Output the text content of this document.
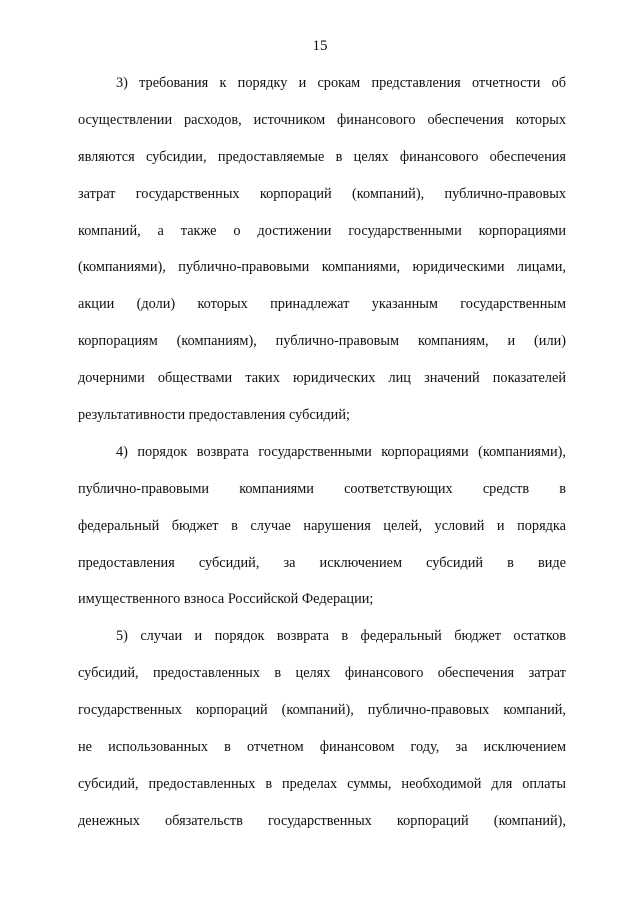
15
3) требования к порядку и срокам представления отчетности об
осуществлении расходов, источником финансового обеспечения которых
являются субсидии, предоставляемые в целях финансового обеспечения
затрат государственных корпораций (компаний), публично-правовых
компаний, а также о достижении государственными корпорациями
(компаниями), публично-правовыми компаниями, юридическими лицами,
акции (доли) которых принадлежат указанным государственным
корпорациям (компаниям), публично-правовым компаниям, и (или)
дочерними обществами таких юридических лиц значений показателей
результативности предоставления субсидий;
4) порядок возврата государственными корпорациями (компаниями),
публично-правовыми компаниями соответствующих средств в
федеральный бюджет в случае нарушения целей, условий и порядка
предоставления субсидий, за исключением субсидий в виде
имущественного взноса Российской Федерации;
5) случаи и порядок возврата в федеральный бюджет остатков
субсидий, предоставленных в целях финансового обеспечения затрат
государственных корпораций (компаний), публично-правовых компаний,
не использованных в отчетном финансовом году, за исключением
субсидий, предоставленных в пределах суммы, необходимой для оплаты
денежных обязательств государственных корпораций (компаний),
